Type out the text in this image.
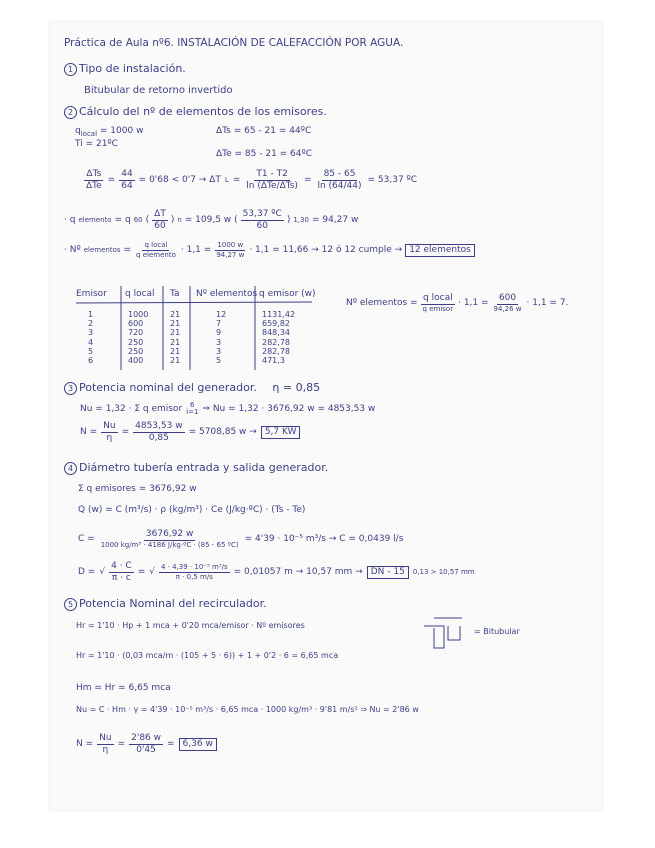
Práctica de Aula nº6. INSTALACIÓN DE CALEFACCIÓN POR AGUA.
1 Tipo de instalación.
Bitubular de retorno invertido
2 Cálculo del nº de elementos de los emisores.
$q_{local} = 1000$ w
Ti = 21ºC
ΔTs = 65 - 21 = 44ºC
ΔTe = 85 - 21 = 64ºC
$\frac{\text{ΔTs}}{\text{ΔTe}} = \frac{44}{64} = 0'68 < 0'7 \to \Delta T$ $L = \frac{T1 - T2}{\text{ln (ΔTe/ΔTs)}} = \frac{85 - 65}{\ln (64/44)} = 53,37$ ºC
· q elemento = q 60 ( $\frac{\Delta T}{60}$ ) n = 109,5 w ( $\frac{\text{53,37 ºC}}{60}$ ) 1,30 = 94,27 w
· Nº elementos = $\frac{\text{q local}}{\text{q elemento}} \cdot 1,1 = \frac{1000 w}{94,27 w} \cdot 1,1 = 11,66 \to 12$ ó 12 cumple → 12 elementos
Emisor q local Ta Nº elementos q emisor (w)
1	1000	21	12	1131,42
2	600	21	7	659,82
3	720	21	9	848,34
4	250	21	3	282,78
5	250	21	3	282,78
6	400	21	5	471,3
Nº elementos = $\frac{\text{q local}}{\text{q emisor}} \cdot 1,1 = \frac{600}{94,26 w} \cdot 1,1 = 7$.
3 Potencia nominal del generador. η = 0,85
Nu = 1,32 · Σ q emisor 6
i=1 ⇒ Nu = 1,32 · 3676,92 w = 4853,53 w
$N = \frac{Nu}{\eta} = \frac{4853,53 w}{0,85} = 5708,85$ w → 5,7 KW
4 Diámetro tubería entrada y salida generador.
Σ q emisores = 3676,92 w
Q (w) = C (m³/s) · ρ (kg/m³) · Ce (J/kg·ºC) · (Ts - Te)
$C = \frac{3676,92 w}{\text{1000 kg/m³ · 4186 J/kg·ºC · (85 - 65 ºC)}} = 4'39 \cdot 10^{-5}$ m³/s → C = 0,0439 l/s
D = √ $\frac{4 \cdot C}{\pi \cdot c}$ = √ $\frac{\text{4 · 4,39 · 10⁻⁵ m³/s}}{\pi \cdot 0,5 m/s} = 0,01057$ m → 10,57 mm → DN - 15	0,13 > 10,57 mm
5 Potencia Nominal del recirculador.
Hr = 1'10 · Hp + 1 mca + 0'20 mca/emisor · Nº emisores
= Bitubular
Hr = 1'10 · (0,03 mca/m · (105 + 5 · 6)) + 1 + 0'2 · 6 = 6,65 mca
Hm = Hr = 6,65 mca
Nu = C · Hm · γ = 4'39 · 10⁻⁵ m³/s · 6,65 mca · 1000 kg/m³ · 9'81 m/s² ⇒ Nu = 2'86 w
$N = \frac{Nu}{\eta} = \frac{2'86 w}{0'45} = 6,36$ w
